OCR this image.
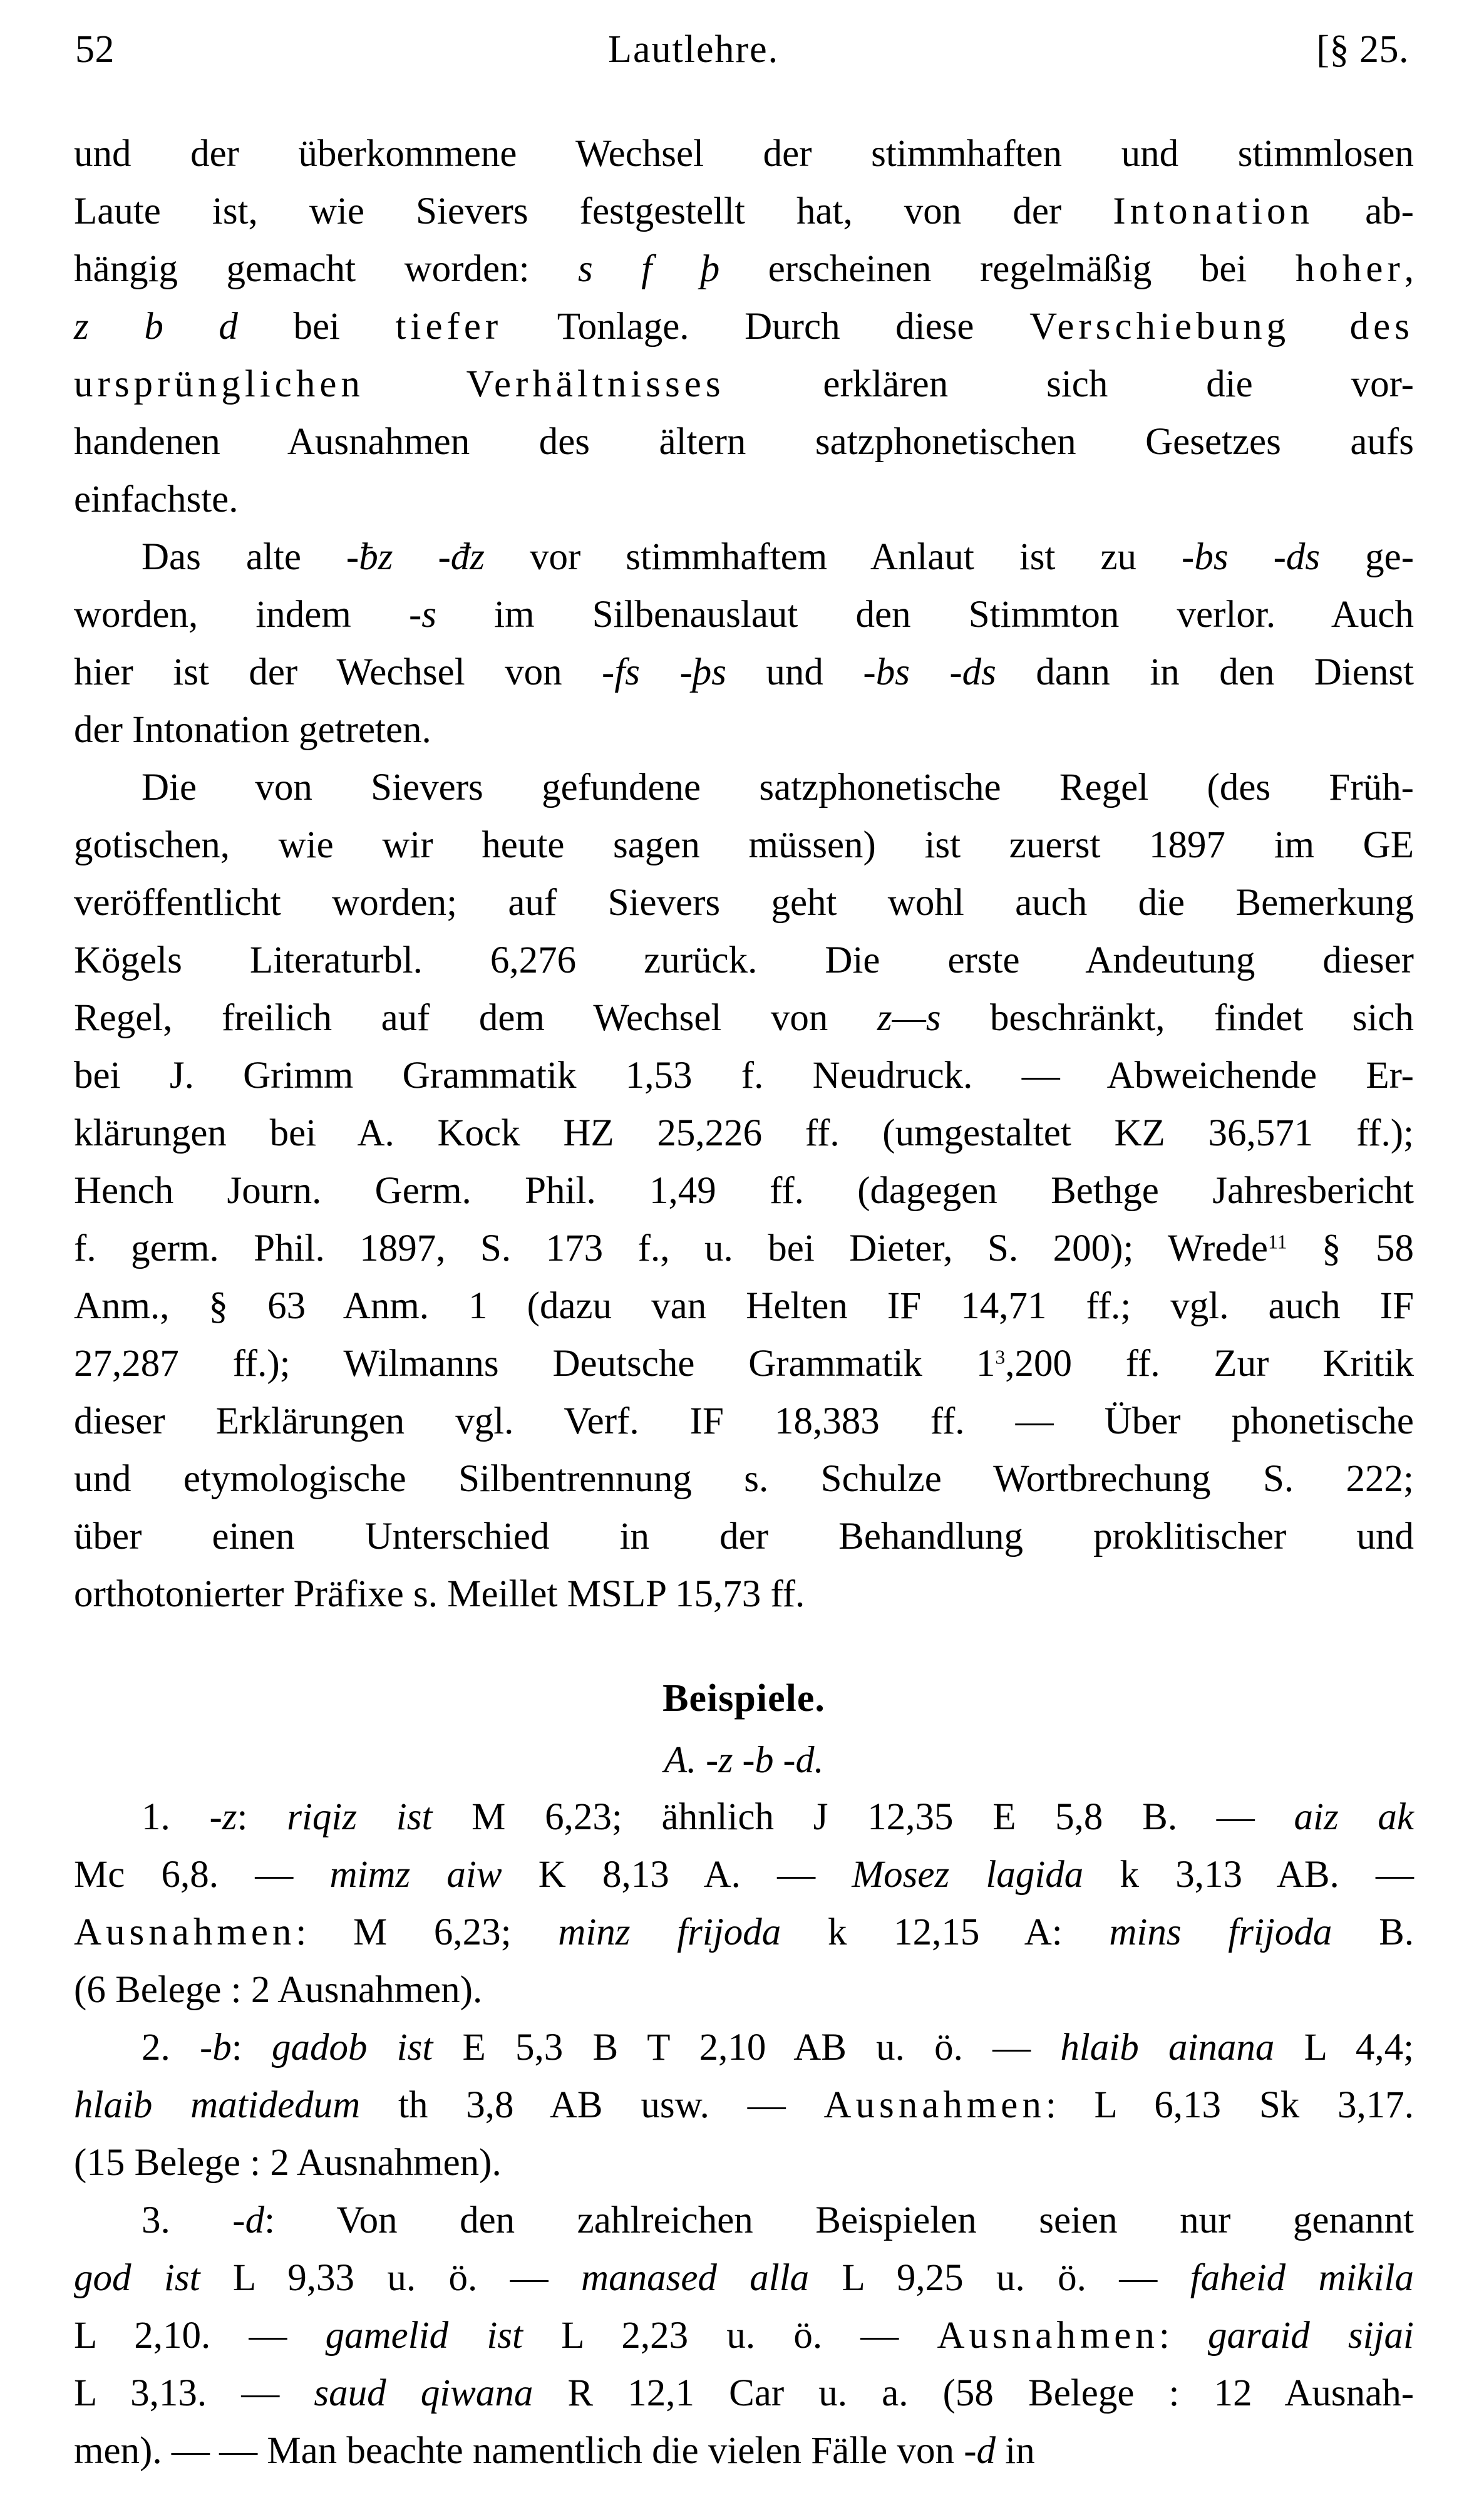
52	Lautlehre.	[§ 25.
und der überkommene Wechsel der stimmhaften und stimmlosen
Laute ist, wie Sievers festgestellt hat, von der Intonation ab-
hängig gemacht worden: s f þ erscheinen regelmäßig bei hoher,
z b d bei tiefer Tonlage. Durch diese Verschiebung des
ursprünglichen Verhältnisses erklären sich die vor-
handenen Ausnahmen des ältern satzphonetischen Gesetzes aufs
einfachste.
Das alte -ƀz -đz vor stimmhaftem Anlaut ist zu -bs -ds ge-
worden, indem -s im Silbenauslaut den Stimmton verlor. Auch
hier ist der Wechsel von -fs -þs und -bs -ds dann in den Dienst
der Intonation getreten.
Die von Sievers gefundene satzphonetische Regel (des Früh-
gotischen, wie wir heute sagen müssen) ist zuerst 1897 im GE
veröffentlicht worden; auf Sievers geht wohl auch die Bemerkung
Kögels Literaturbl. 6,276 zurück. Die erste Andeutung dieser
Regel, freilich auf dem Wechsel von z—s beschränkt, findet sich
bei J. Grimm Grammatik 1,53 f. Neudruck. — Abweichende Er-
klärungen bei A. Kock HZ 25,226 ff. (umgestaltet KZ 36,571 ff.);
Hench Journ. Germ. Phil. 1,49 ff. (dagegen Bethge Jahresbericht
f. germ. Phil. 1897, S. 173 f., u. bei Dieter, S. 200); Wrede$^{11}$ § 58
Anm., § 63 Anm. 1 (dazu van Helten IF 14,71 ff.; vgl. auch IF
27,287 ff.); Wilmanns Deutsche Grammatik $1^3,200$ ff. Zur Kritik
dieser Erklärungen vgl. Verf. IF 18,383 ff. — Über phonetische
und etymologische Silbentrennung s. Schulze Wortbrechung S. 222;
über einen Unterschied in der Behandlung proklitischer und
orthotonierter Präfixe s. Meillet MSLP 15,73 ff.
Beispiele.
A. -z -b -d.
1. -z: riqiz ist M 6,23; ähnlich J 12,35 E 5,8 B. — aiz ak
Mc 6,8. — mimz aiw K 8,13 A. — Mosez lagida k 3,13 AB. —
Ausnahmen: M 6,23; minz frijoda k 12,15 A: mins frijoda B.
(6 Belege : 2 Ausnahmen).
2. -b: gadob ist E 5,3 B T 2,10 AB u. ö. — hlaib ainana L 4,4;
hlaib matidedum th 3,8 AB usw. — Ausnahmen: L 6,13 Sk 3,17.
(15 Belege : 2 Ausnahmen).
3. -d: Von den zahlreichen Beispielen seien nur genannt
god ist L 9,33 u. ö. — manased alla L 9,25 u. ö. — faheid mikila
L 2,10. — gamelid ist L 2,23 u. ö. — Ausnahmen: garaid sijai
L 3,13. — saud qiwana R 12,1 Car u. a. (58 Belege : 12 Ausnah-
men). — — Man beachte namentlich die vielen Fälle von -d in
